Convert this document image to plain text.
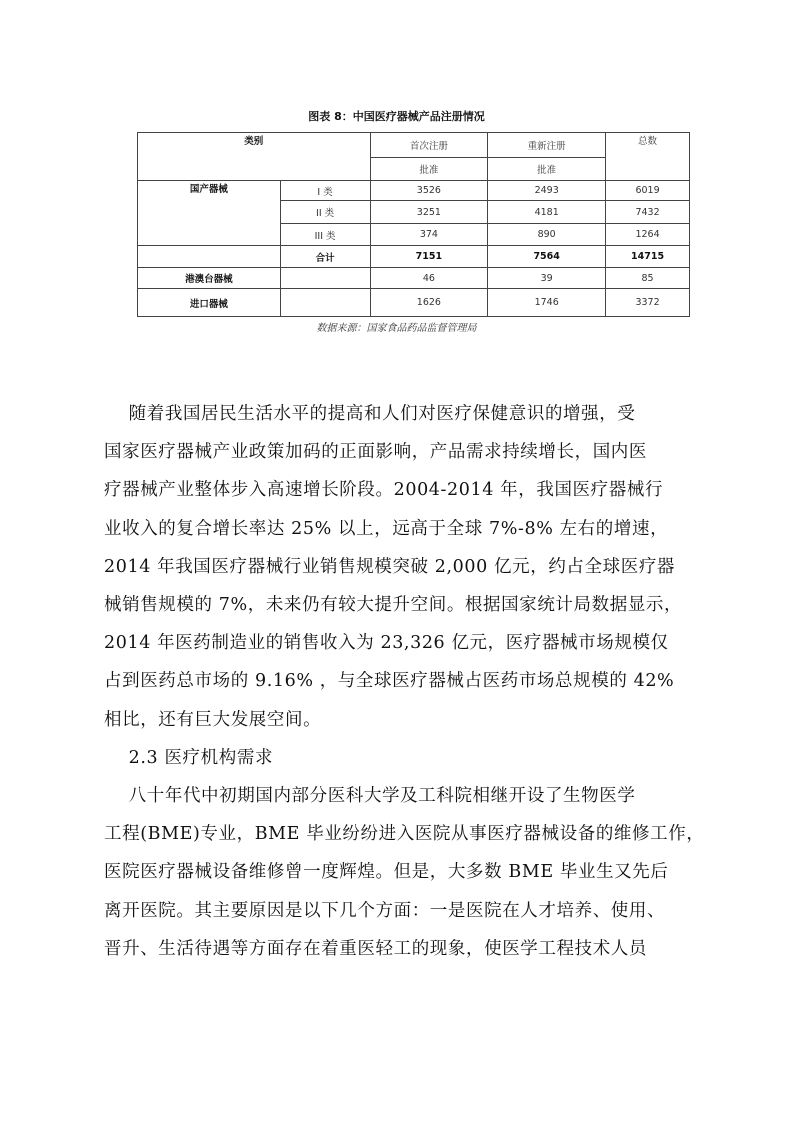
图表 8：中国医疗器械产品注册情况
类别		首次注册	重新注册	总数
		批准	批准	
国产器械	I 类	3526	2493	6019
	II 类	3251	4181	7432
	III 类	374	890	1264
	合计	7151	7564	14715
港澳台器械		46	39	85
进口器械		1626	1746	3372
数据来源：国家食品药品监督管理局
随着我国居民生活水平的提高和人们对医疗保健意识的增强，受
国家医疗器械产业政策加码的正面影响，产品需求持续增长，国内医
疗器械产业整体步入高速增长阶段。2004-2014 年，我国医疗器械行
业收入的复合增长率达 25% 以上，远高于全球 7%-8% 左右的增速，
2014 年我国医疗器械行业销售规模突破 2,000 亿元，约占全球医疗器
械销售规模的 7%，未来仍有较大提升空间。根据国家统计局数据显示，
2014 年医药制造业的销售收入为 23,326 亿元，医疗器械市场规模仅
占到医药总市场的 9.16% ，与全球医疗器械占医药市场总规模的 42%
相比，还有巨大发展空间。
2.3 医疗机构需求
八十年代中初期国内部分医科大学及工科院相继开设了生物医学
工程(BME)专业，BME 毕业纷纷进入医院从事医疗器械设备的维修工作，
医院医疗器械设备维修曾一度辉煌。但是，大多数 BME 毕业生又先后
离开医院。其主要原因是以下几个方面：一是医院在人才培养、使用、
晋升、生活待遇等方面存在着重医轻工的现象，使医学工程技术人员
